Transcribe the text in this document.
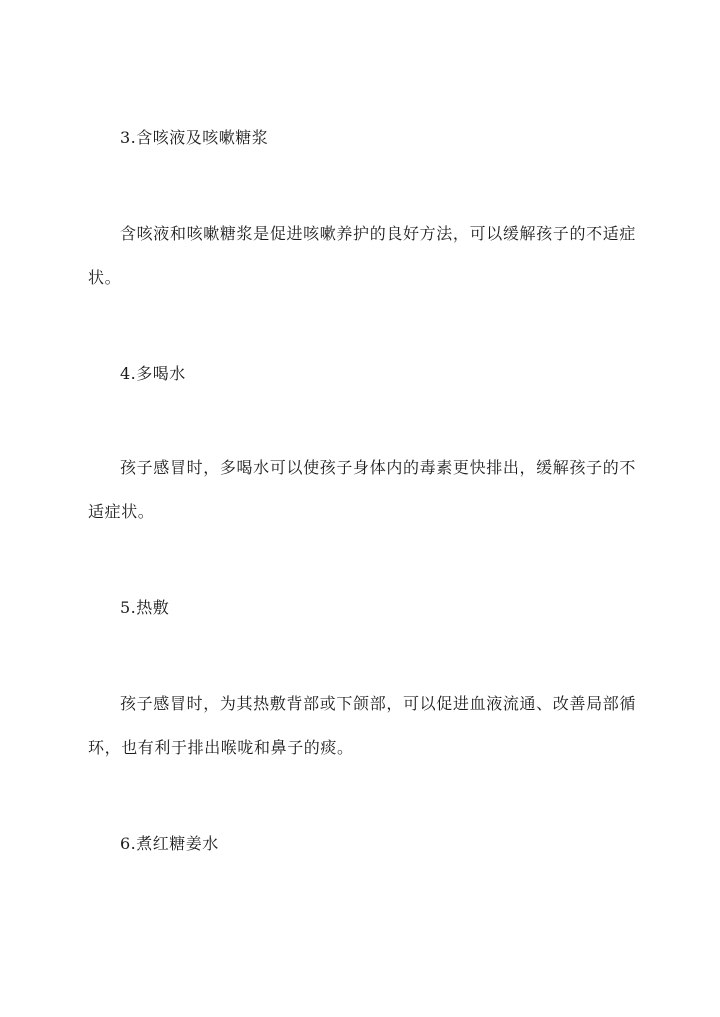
3.含咳液及咳嗽糖浆

含咳液和咳嗽糖浆是促进咳嗽养护的良好方法，可以缓解孩子的不适症状。

4.多喝水

孩子感冒时，多喝水可以使孩子身体内的毒素更快排出，缓解孩子的不适症状。

5.热敷

孩子感冒时，为其热敷背部或下颌部，可以促进血液流通、改善局部循环，也有利于排出喉咙和鼻子的痰。

6.煮红糖姜水
